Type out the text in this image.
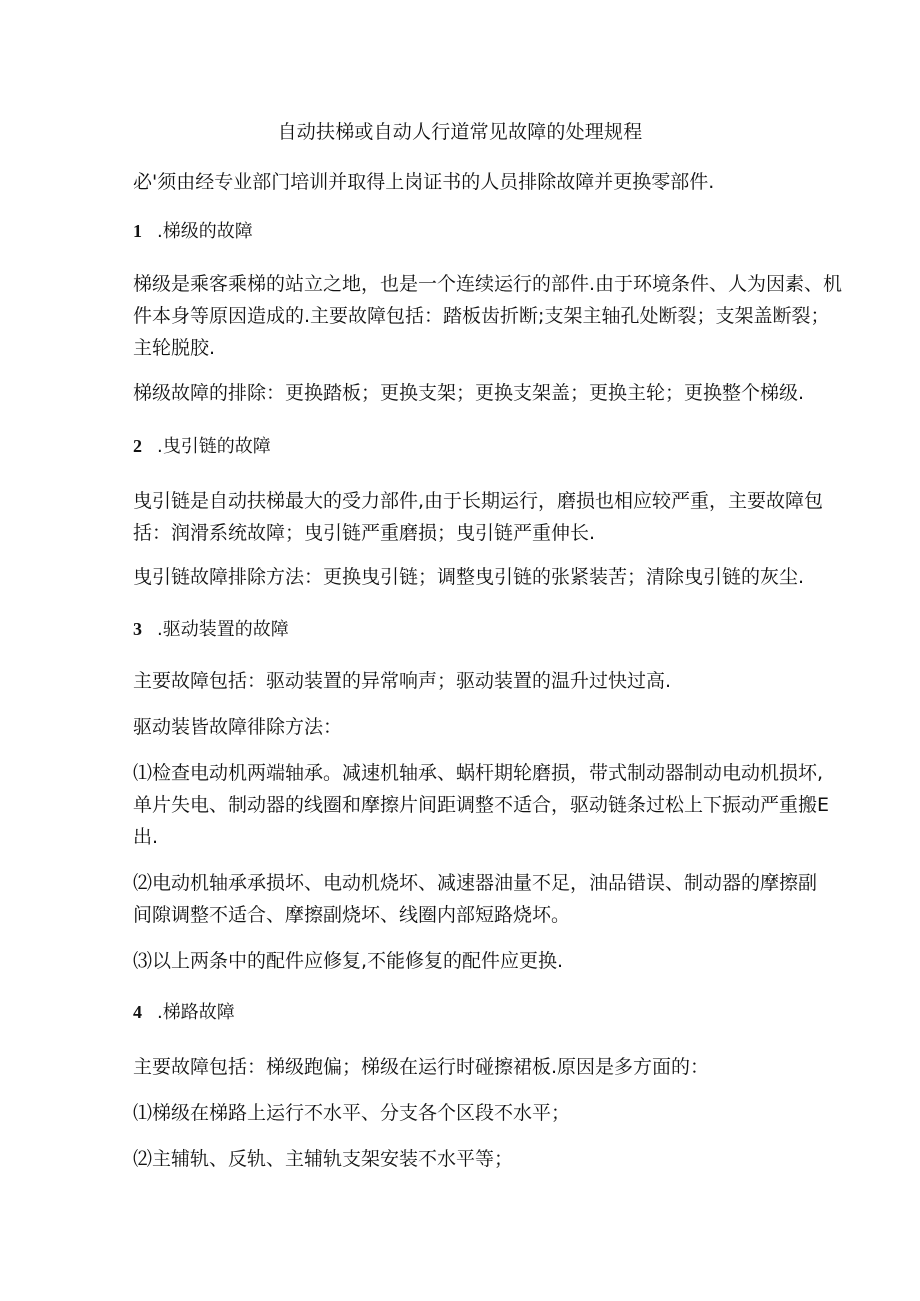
自动扶梯或自动人行道常见故障的处理规程
必'须由经专业部门培训并取得上岗证书的人员排除故障并更换零部件.
1 .梯级的故障
梯级是乘客乘梯的站立之地，也是一个连续运行的部件.由于环境条件、人为因素、机
件本身等原因造成的.主要故障包括：踏板齿折断;支架主轴孔处断裂；支架盖断裂；
主轮脱胶.
梯级故障的排除：更换踏板；更换支架；更换支架盖；更换主轮；更换整个梯级.
2 .曳引链的故障
曳引链是自动扶梯最大的受力部件,由于长期运行，磨损也相应较严重，主要故障包
括：润滑系统故障；曳引链严重磨损；曳引链严重伸长.
曳引链故障排除方法：更换曳引链；调整曳引链的张紧装苦；清除曳引链的灰尘.
3 .驱动装置的故障
主要故障包括：驱动装置的异常响声；驱动装置的温升过快过高.
驱动装皆故障徘除方法：
⑴检查电动机两端轴承。减速机轴承、蜗杆期轮磨损，带式制动器制动电动机损坏,
单片失电、制动器的线圈和摩擦片间距调整不适合，驱动链条过松上下振动严重搬E
出.
⑵电动机轴承承损坏、电动机烧坏、减速器油量不足，油品错误、制动器的摩擦副
间隙调整不适合、摩擦副烧坏、线圈内部短路烧坏。
⑶以上两条中的配件应修复,不能修复的配件应更换.
4 .梯路故障
主要故障包括：梯级跑偏；梯级在运行时碰擦裙板.原因是多方面的：
⑴梯级在梯路上运行不水平、分支各个区段不水平；
⑵主辅轨、反轨、主辅轨支架安装不水平等；
